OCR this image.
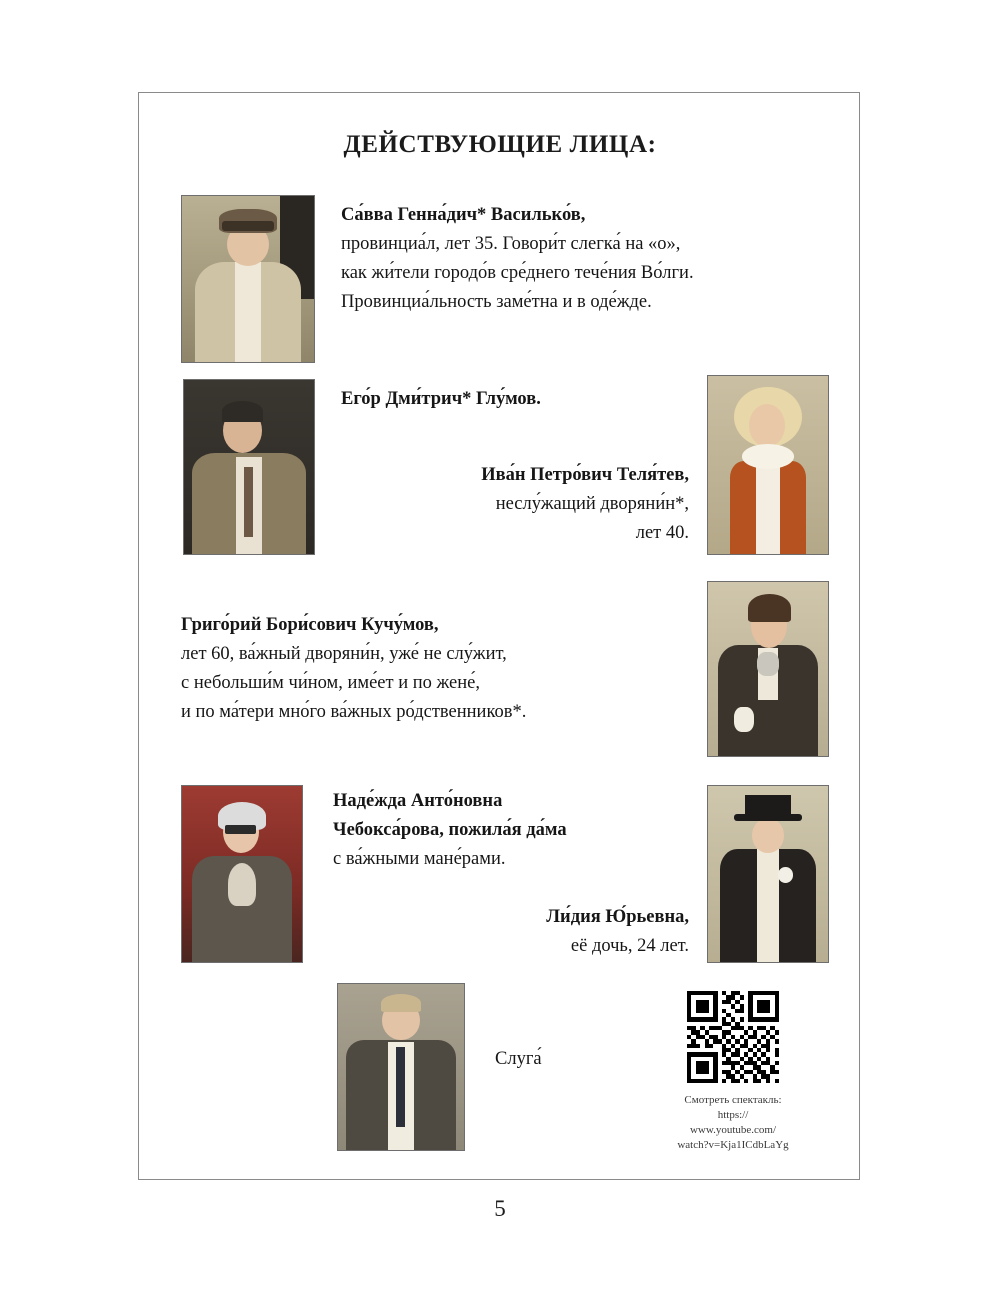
ДЕЙСТВУЮЩИЕ ЛИЦА:
Са́вва Генна́дич* Василько́в,
провинциа́л, лет 35. Говори́т слегка́ на «о»,
как жи́тели городо́в сре́днего тече́ния Во́лги.
Провинциа́льность заме́тна и в оде́жде.
Его́р Дми́трич* Глу́мов.
Ива́н Петро́вич Теля́тев,
неслу́жащий дворяни́н*,
лет 40.
Григо́рий Бори́сович Кучу́мов,
лет 60, ва́жный дворяни́н, уже́ не слу́жит,
с небольши́м чи́ном, име́ет и по жене́,
и по ма́тери мно́го ва́жных ро́дственников*.
Наде́жда Анто́новна
Чебокса́рова, пожила́я да́ма
с ва́жными мане́рами.
Ли́дия Ю́рьевна,
её дочь, 24 лет.
Слуга́
Смотреть спектакль:
https://
www.youtube.com/
watch?v=Kja1ICdbLaYg
5
